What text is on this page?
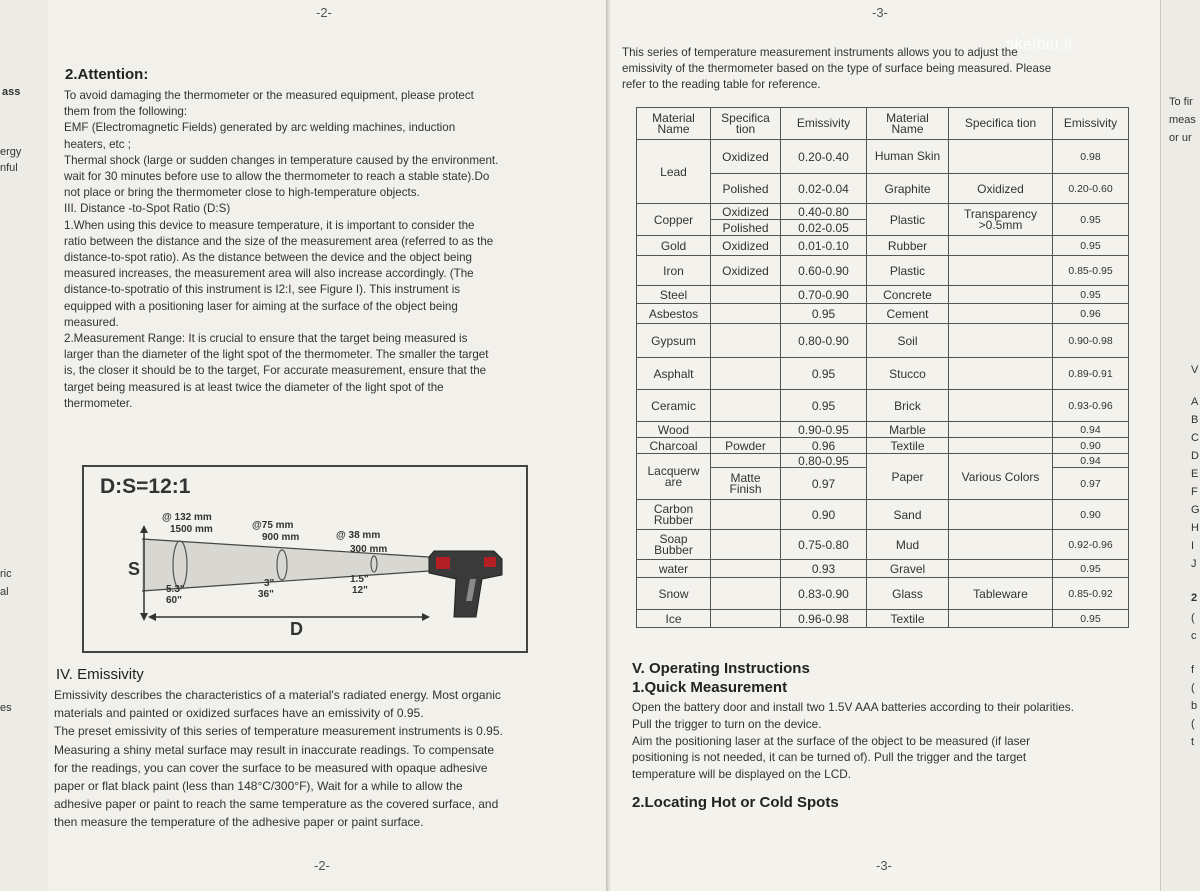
ass
ergy
nful
ric
al
es
To fir
meas
or ur
V
A
B
C
D
E
F
G
H
I
J
2
(
c
f
(
b
(
t
skelbiu.lt
-2-
2.Attention:

To avoid damaging the thermometer or the measured equipment, please protect

them from the following:

EMF (Electromagnetic Fields) generated by arc welding machines, induction

heaters, etc ;

Thermal shock (large or sudden changes in temperature caused by the environment.

wait for 30 minutes before use to allow the thermometer to reach a stable state).Do

not place or bring the thermometer close to high-temperature objects.

III. Distance -to-Spot Ratio (D:S)

1.When using this device to measure temperature, it is important to consider the

ratio between the distance and the size of the measurement area (referred to as the

distance-to-spot ratio). As the distance between the device and the object being

measured increases, the measurement area will also increase accordingly. (The

distance-to-spotratio of this instrument is I2:I, see Figure I). This instrument is

equipped with a positioning laser for aiming at the surface of the object being

measured.

2.Measurement Range: It is crucial to ensure that the target being measured is

larger than the diameter of the light spot of the thermometer. The smaller the target

is, the closer it should be to the target, For accurate measurement, ensure that the

target being measured is at least twice the diameter of the light spot of the

thermometer.

D:S=12:1
@ 132 mm
1500 mm	@75 mm
900 mm	@ 38 mm
300 mm
S
D
5.3"
60"
3"
36"
1.5"
12"
IV. Emissivity

Emissivity describes the characteristics of a material's radiated energy. Most organic

materials and painted or oxidized surfaces have an emissivity of 0.95.

The preset emissivity of this series of temperature measurement instruments is 0.95.

Measuring a shiny metal surface may result in inaccurate readings. To compensate

for the readings, you can cover the surface to be measured with opaque adhesive

paper or flat black paint (less than 148°C/300°F), Wait for a while to allow the

adhesive paper or paint to reach the same temperature as the covered surface, and

then measure the temperature of the adhesive paper or paint surface.

-2-
-3-

This series of temperature measurement instruments allows you to adjust the

emissivity of the thermometer based on the type of surface being measured. Please

refer to the reading table for reference.

Material Name	Specifica tion	Emissivity	Material Name	Specifica tion	Emissivity
Lead	Oxidized	0.20-0.40	Human Skin		0.98
	Polished	0.02-0.04	Graphite	Oxidized	0.20-0.60
Copper	Oxidized	0.40-0.80	Plastic	Transparency >0.5mm	0.95
	Polished	0.02-0.05			
Gold	Oxidized	0.01-0.10	Rubber		0.95
Iron	Oxidized	0.60-0.90	Plastic		0.85-0.95
Steel		0.70-0.90	Concrete		0.95
Asbestos		0.95	Cement		0.96
Gypsum		0.80-0.90	Soil		0.90-0.98
Asphalt		0.95	Stucco		0.89-0.91
Ceramic		0.95	Brick		0.93-0.96
Wood		0.90-0.95	Marble		0.94
Charcoal	Powder	0.96	Textile		0.90
Lacquerw are		0.80-0.95	Paper	Various Colors	0.94
	Matte Finish	0.97			0.97
Carbon Rubber		0.90	Sand		0.90
Soap Bubber		0.75-0.80	Mud		0.92-0.96
water		0.93	Gravel		0.95
Snow		0.83-0.90	Glass	Tableware	0.85-0.92
Ice		0.96-0.98	Textile		0.95
V. Operating Instructions
1.Quick Measurement

Open the battery door and install two 1.5V AAA batteries according to their polarities.

Pull the trigger to turn on the device.

Aim the positioning laser at the surface of the object to be measured (if laser

positioning is not needed, it can be turned of). Pull the trigger and the target

temperature will be displayed on the LCD.

2.Locating Hot or Cold Spots
-3-
